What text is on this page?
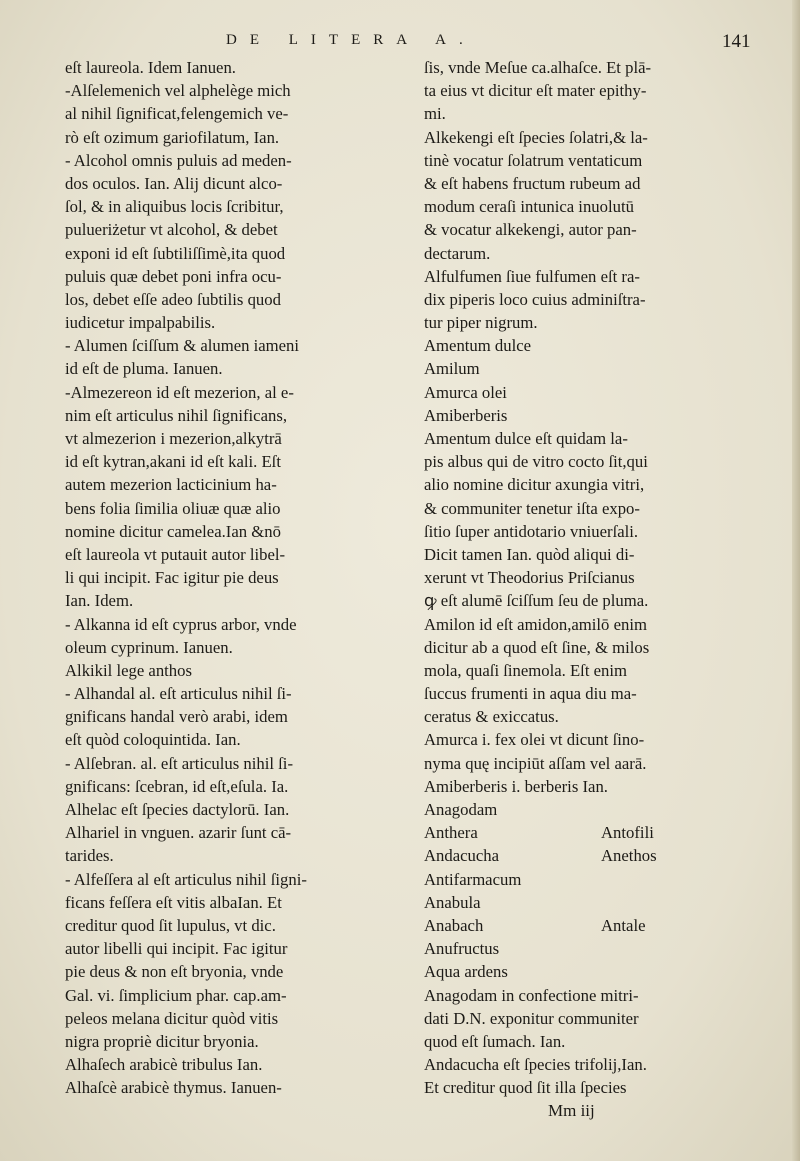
DE LITERA A.	141
eſt laureola. Idem Ianuen.
-Alſelemenich vel alphelège mich
al nihil ſignificat,felengemich ve-
rò eſt ozimum gariofilatum, Ian.
- Alcohol omnis puluis ad meden-
dos oculos. Ian. Alij dicunt alco-
ſol, & in aliquibus locis ſcribitur,
pulueriżetur vt alcohol, & debet
exponi id eſt ſubtiliſſimè,ita quod
puluis quæ debet poni infra ocu-
los, debet eſſe adeo ſubtilis quod
iudicetur impalpabilis.
- Alumen ſciſſum & alumen iameni
id eſt de pluma. Ianuen.
-Almezereon id eſt mezerion, al e-
nim eſt articulus nihil ſignificans,
vt almezerion i mezerion,alkytrā
id eſt kytran,akani id eſt kali. Eſt
autem mezerion lacticinium ha-
bens folia ſimilia oliuæ quæ alio
nomine dicitur camelea.Ian &nō
eſt laureola vt putauit autor libel-
li qui incipit. Fac igitur pie deus
Ian. Idem.
- Alkanna id eſt cyprus arbor, vnde
oleum cyprinum. Ianuen.
Alkikil lege anthos
- Alhandal al. eſt articulus nihil ſi-
gnificans handal verò arabi, idem
eſt quòd coloquintida. Ian.
- Alſebran. al. eſt articulus nihil ſi-
gnificans: ſcebran, id eſt,eſula. Ia.
Alhelac eſt ſpecies dactylorū. Ian.
Alhariel in vnguen. azarir ſunt cā-
tarides.
- Alfeſſera al eſt articulus nihil ſigni-
ficans feſſera eſt vitis albaIan. Et
creditur quod ſit lupulus, vt dic.
autor libelli qui incipit. Fac igitur
pie deus & non eſt bryonia, vnde
Gal. vi. ſimplicium phar. cap.am-
peleos melana dicitur quòd vitis
nigra propriè dicitur bryonia.
Alhaſech arabicè tribulus Ian.
Alhaſcè arabicè thymus. Ianuen-
ſis, vnde Meſue ca.alhaſce. Et plā-
ta eius vt dicitur eſt mater epithy-
mi.
Alkekengi eſt ſpecies ſolatri,& la-
tinè vocatur ſolatrum ventaticum
& eſt habens fructum rubeum ad
modum ceraſi intunica inuolutū
& vocatur alkekengi, autor pan-
dectarum.
Alfulfumen ſiue fulfumen eſt ra-
dix piperis loco cuius adminiſtra-
tur piper nigrum.
Amentum dulce
Amilum
Amurca olei
Amiberberis
Amentum dulce eſt quidam la-
pis albus qui de vitro cocto ſit,qui
alio nomine dicitur axungia vitri,
& communiter tenetur iſta expo-
ſitio ſuper antidotario vniuerſali.
Dicit tamen Ian. quòd aliqui di-
xerunt vt Theodorius Priſcianus
ꝙ eſt alumē ſciſſum ſeu de pluma.
Amilon id eſt amidon,amilō enim
dicitur ab a quod eſt ſine, & milos
mola, quaſi ſinemola. Eſt enim
ſuccus frumenti in aqua diu ma-
ceratus & exiccatus.
Amurca i. fex olei vt dicunt ſino-
nyma quę incipiūt aſſam vel aarā.
Amiberberis i. berberis Ian.
Anagodam
Anthera	Antofili
Andacucha	Anethos
Antifarmacum
Anabula
Anabach	Antale
Anufructus
Aqua ardens
Anagodam in confectione mitri-
dati D.N. exponitur communiter
quod eſt ſumach. Ian.
Andacucha eſt ſpecies trifolij,Ian.
Et creditur quod ſit illa ſpecies
Mm iij
